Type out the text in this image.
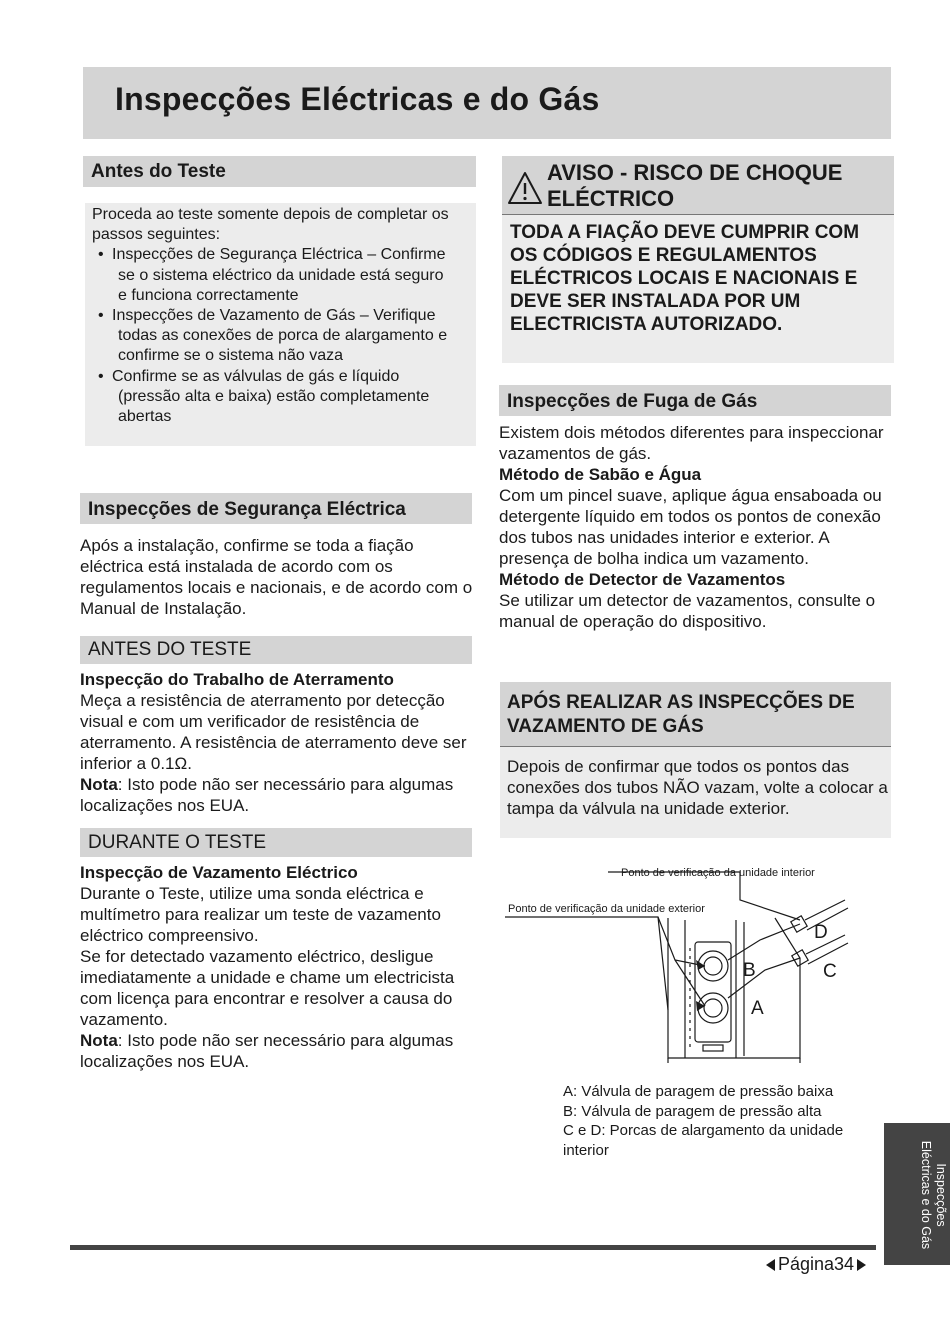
Inspecções Eléctricas e do Gás
Antes do Teste

Proceda ao teste somente depois de completar os passos seguintes:

• Inspecções de Segurança Eléctrica – Confirme
se o sistema eléctrico da unidade está seguro
e funciona correctamente
• Inspecções de Vazamento de Gás – Verifique
todas as conexões de porca de alargamento e
confirme se o sistema não vaza
• Confirme se as válvulas de gás e líquido
(pressão alta e baixa) estão completamente
abertas
Inspecções de Segurança Eléctrica

Após a instalação, confirme se toda a fiação eléctrica está instalada de acordo com os regulamentos locais e nacionais, e de acordo com o Manual de Instalação.

ANTES DO TESTE

Inspecção do Trabalho de Aterramento

Meça a resistência de aterramento por detecção visual e com um verificador de resistência de aterramento. A resistência de aterramento deve ser inferior a 0.1Ω.

Nota: Isto pode não ser necessário para algumas localizações nos EUA.

DURANTE O TESTE

Inspecção de Vazamento Eléctrico

Durante o Teste, utilize uma sonda eléctrica e multímetro para realizar um teste de vazamento eléctrico compreensivo.

Se for detectado vazamento eléctrico, desligue imediatamente a unidade e chame um electricista com licença para encontrar e resolver a causa do vazamento.

Nota: Isto pode não ser necessário para algumas localizações nos EUA.

AVISO - RISCO DE CHOQUE ELÉCTRICO
TODA A FIAÇÃO DEVE CUMPRIR COM OS CÓDIGOS E REGULAMENTOS ELÉCTRICOS LOCAIS E NACIONAIS E DEVE SER INSTALADA POR UM ELECTRICISTA AUTORIZADO.
Inspecções de Fuga de Gás

Existem dois métodos diferentes para inspeccionar vazamentos de gás.

Método de Sabão e Água

Com um pincel suave, aplique água ensaboada ou detergente líquido em todos os pontos de conexão dos tubos nas unidades interior e exterior. A presença de bolha indica um vazamento.

Método de Detector de Vazamentos

Se utilizar um detector de vazamentos, consulte o manual de operação do dispositivo.

APÓS REALIZAR AS INSPECÇÕES DE VAZAMENTO DE GÁS
Depois de confirmar que todos os pontos das conexões dos tubos NÃO vazam, volte a colocar a tampa da válvula na unidade exterior.
Ponto de verificação da unidade interior
Ponto de verificação da unidade exterior
D
C
B
A

A: Válvula de paragem de pressão baixa

B: Válvula de paragem de pressão alta

C e D: Porcas de alargamento da unidade interior

Inspecções
Eléctricas e do Gás
Página34
